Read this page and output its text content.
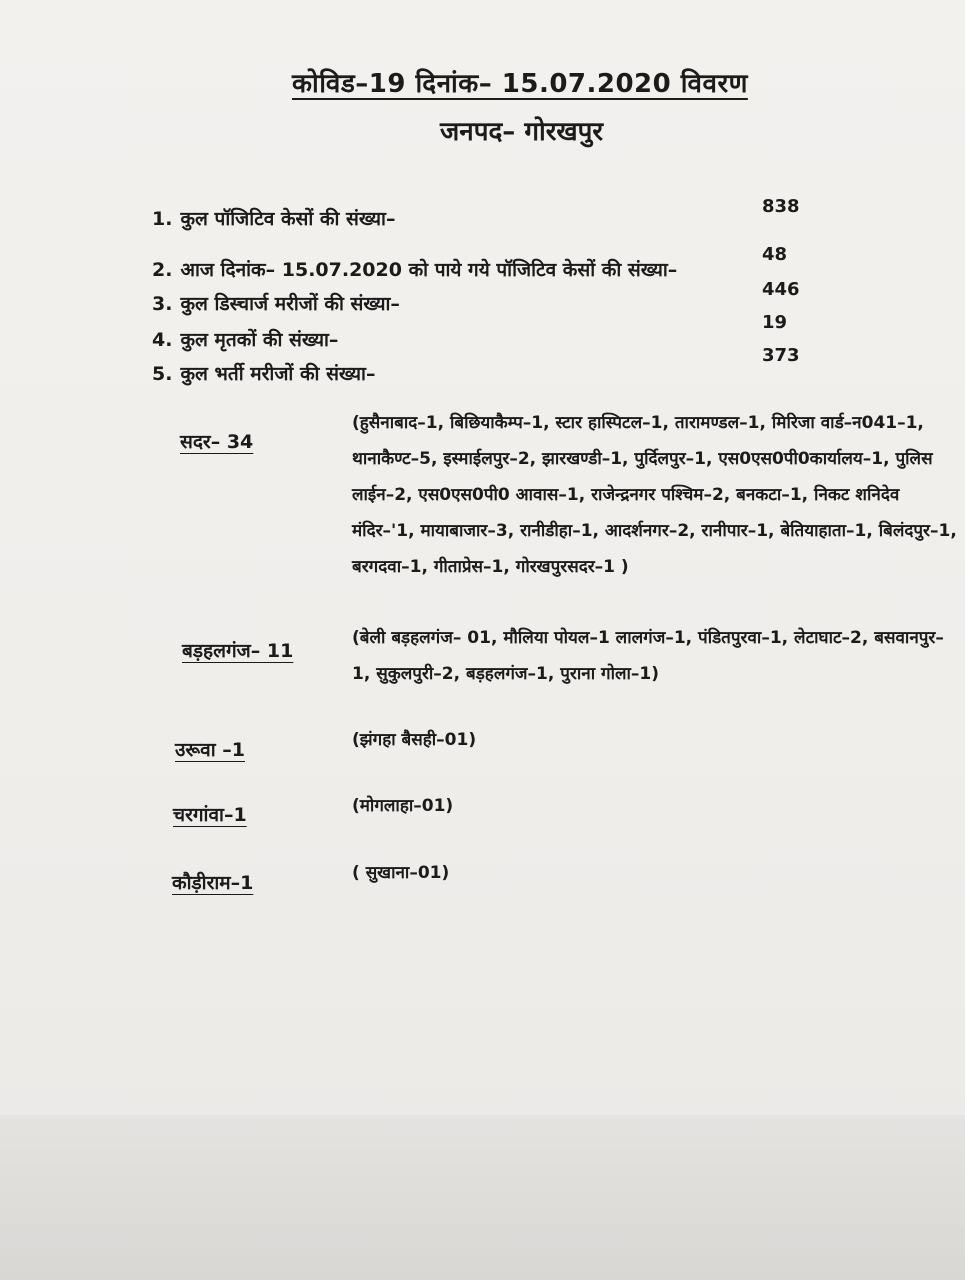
कोविड–19 दिनांक– 15.07.2020 विवरण
जनपद– गोरखपुर
1. कुल पॉजिटिव केसों की संख्या–
838
2. आज दिनांक– 15.07.2020 को पाये गये पॉजिटिव केसों की संख्या–
48
3. कुल डिस्चार्ज मरीजों की संख्या–
446
4. कुल मृतकों की संख्या–
19
5. कुल भर्ती मरीजों की संख्या–
373
सदर– 34
(हुसैनाबाद–1, बिछियाकैम्प–1, स्टार हास्पिटल–1, तारामण्डल–1, मिरिजा वार्ड–न041–1, थानाकैण्ट–5, इस्माईलपुर–2, झारखण्डी–1, पुर्दिलपुर–1, एस0एस0पी0कार्यालय–1, पुलिस लाईन–2, एस0एस0पी0 आवास–1, राजेन्द्रनगर पश्चिम–2, बनकटा–1, निकट शनिदेव मंदिर–'1, मायाबाजार–3, रानीडीहा–1, आदर्शनगर–2, रानीपार–1, बेतियाहाता–1, बिलंदपुर–1, बरगदवा–1, गीताप्रेस–1, गोरखपुरसदर–1 )
बड़हलगंज– 11
(बेली बड़हलगंज– 01, मौलिया पोयल–1 लालगंज–1, पंडितपुरवा–1, लेटाघाट–2, बसवानपुर–1, सुकुलपुरी–2, बड़हलगंज–1, पुराना गोला–1)
उरूवा –1	(झंगहा बैसही–01)
चरगांवा–1	(मोगलाहा–01)
कौड़ीराम–1	( सुखाना–01)
